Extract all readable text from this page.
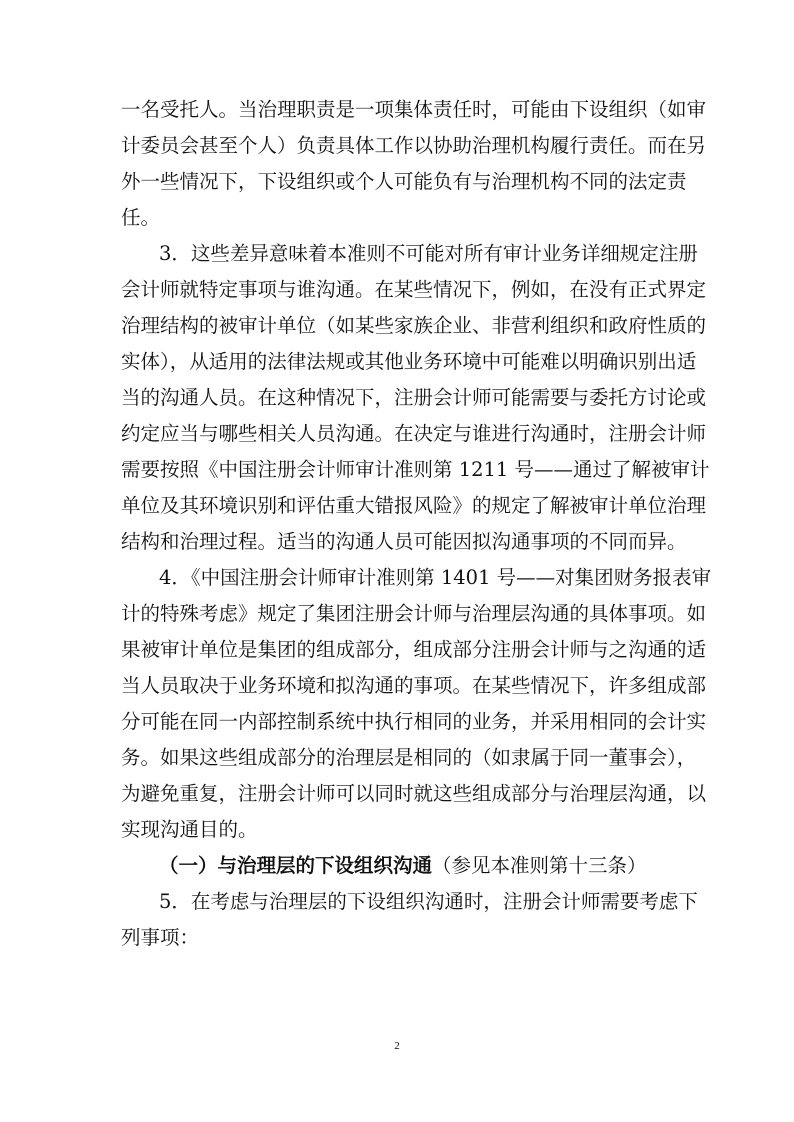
一名受托人。当治理职责是一项集体责任时，可能由下设组织（如审
计委员会甚至个人）负责具体工作以协助治理机构履行责任。而在另
外一些情况下，下设组织或个人可能负有与治理机构不同的法定责
任。
3．这些差异意味着本准则不可能对所有审计业务详细规定注册
会计师就特定事项与谁沟通。在某些情况下，例如，在没有正式界定
治理结构的被审计单位（如某些家族企业、非营利组织和政府性质的
实体），从适用的法律法规或其他业务环境中可能难以明确识别出适
当的沟通人员。在这种情况下，注册会计师可能需要与委托方讨论或
约定应当与哪些相关人员沟通。在决定与谁进行沟通时，注册会计师
需要按照《中国注册会计师审计准则第 1211 号——通过了解被审计
单位及其环境识别和评估重大错报风险》的规定了解被审计单位治理
结构和治理过程。适当的沟通人员可能因拟沟通事项的不同而异。
4．《中国注册会计师审计准则第 1401 号——对集团财务报表审
计的特殊考虑》规定了集团注册会计师与治理层沟通的具体事项。如
果被审计单位是集团的组成部分，组成部分注册会计师与之沟通的适
当人员取决于业务环境和拟沟通的事项。在某些情况下，许多组成部
分可能在同一内部控制系统中执行相同的业务，并采用相同的会计实
务。如果这些组成部分的治理层是相同的（如隶属于同一董事会），
为避免重复，注册会计师可以同时就这些组成部分与治理层沟通，以
实现沟通目的。
（一）与治理层的下设组织沟通（参见本准则第十三条）
5．在考虑与治理层的下设组织沟通时，注册会计师需要考虑下
列事项：
2
